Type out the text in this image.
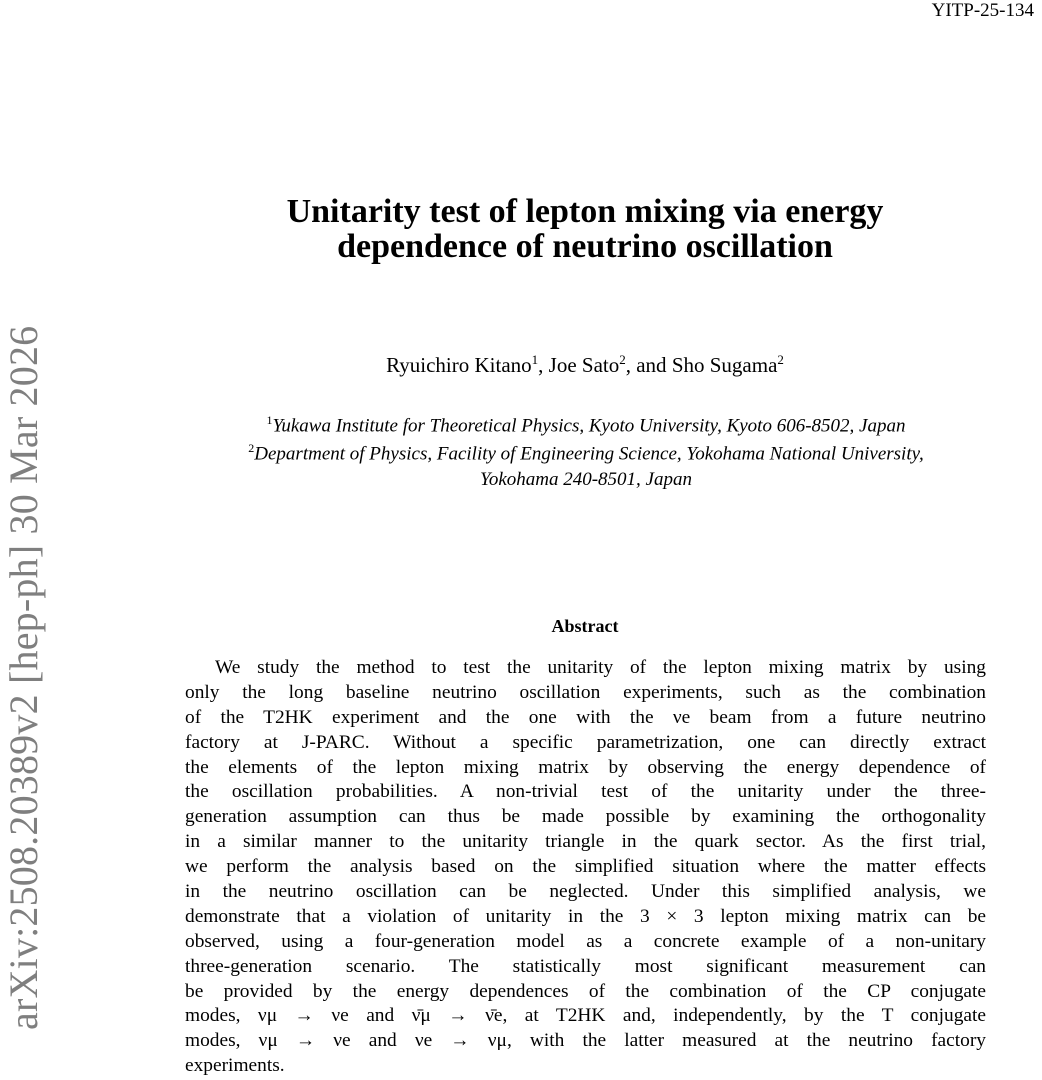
YITP-25-134
arXiv:2508.20389v2 [hep-ph] 30 Mar 2026
Unitarity test of lepton mixing via energy
dependence of neutrino oscillation
Ryuichiro Kitano$^1$, Joe Sato$^2$, and Sho Sugama$^2$
$^1$Yukawa Institute for Theoretical Physics, Kyoto University, Kyoto 606-8502, Japan
$^2$Department of Physics, Facility of Engineering Science, Yokohama National University,
Yokohama 240-8501, Japan
Abstract
We study the method to test the unitarity of the lepton mixing matrix by using
only the long baseline neutrino oscillation experiments, such as the combination
of the T2HK experiment and the one with the νe beam from a future neutrino
factory at J-PARC. Without a specific parametrization, one can directly extract
the elements of the lepton mixing matrix by observing the energy dependence of
the oscillation probabilities. A non-trivial test of the unitarity under the three-
generation assumption can thus be made possible by examining the orthogonality
in a similar manner to the unitarity triangle in the quark sector. As the first trial,
we perform the analysis based on the simplified situation where the matter effects
in the neutrino oscillation can be neglected. Under this simplified analysis, we
demonstrate that a violation of unitarity in the 3 × 3 lepton mixing matrix can be
observed, using a four-generation model as a concrete example of a non-unitary
three-generation scenario. The statistically most significant measurement can
be provided by the energy dependences of the combination of the CP conjugate
modes, νμ → νe and ν̄μ → ν̄e, at T2HK and, independently, by the T conjugate
modes, νμ → νe and νe → νμ, with the latter measured at the neutrino factory
experiments.
